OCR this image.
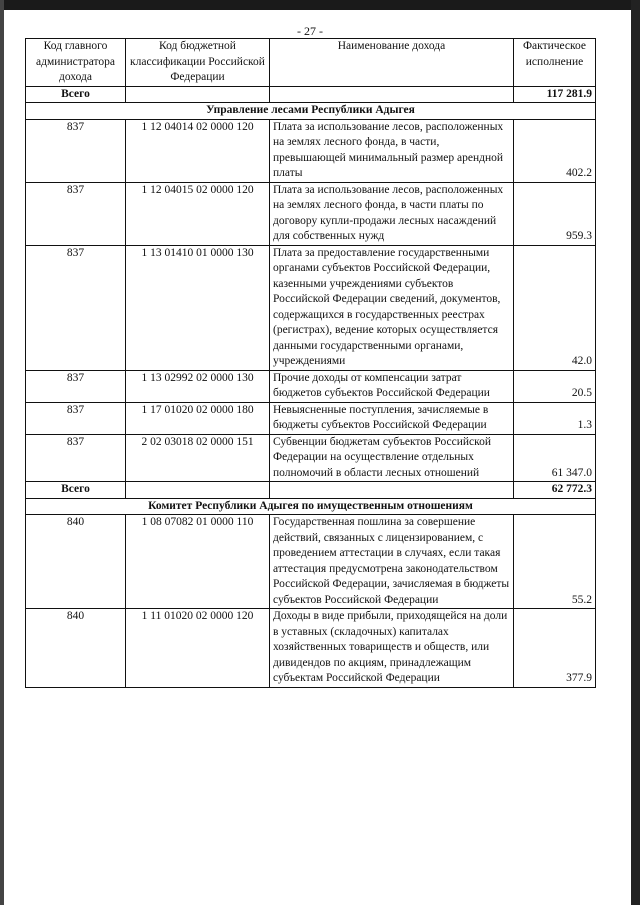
- 27 -
Код главного администратора дохода	Код бюджетной классификации Российской Федерации	Наименование дохода	Фактическое исполнение
Всего			117 281.9
Управление лесами Республики Адыгея			
837	1 12 04014 02 0000 120	Плата за использование лесов, расположенных на землях лесного фонда, в части, превышающей минимальный размер арендной платы	402.2
837	1 12 04015 02 0000 120	Плата за использование лесов, расположенных на землях лесного фонда, в части платы по договору купли-продажи лесных насаждений для собственных нужд	959.3
837	1 13 01410 01 0000 130	Плата за предоставление государственными органами субъектов Российской Федерации, казенными учреждениями субъектов Российской Федерации сведений, документов, содержащихся в государственных реестрах (регистрах), ведение которых осуществляется данными государственными органами, учреждениями	42.0
837	1 13 02992 02 0000 130	Прочие доходы от компенсации затрат бюджетов субъектов Российской Федерации	20.5
837	1 17 01020 02 0000 180	Невыясненные поступления, зачисляемые в бюджеты субъектов Российской Федерации	1.3
837	2 02 03018 02 0000 151	Субвенции бюджетам субъектов Российской Федерации на осуществление отдельных полномочий в области лесных отношений	61 347.0
Всего			62 772.3
Комитет Республики Адыгея по имущественным отношениям			
840	1 08 07082 01 0000 110	Государственная пошлина за совершение действий, связанных с лицензированием, с проведением аттестации в случаях, если такая аттестация предусмотрена законодательством Российской Федерации, зачисляемая в бюджеты субъектов Российской Федерации	55.2
840	1 11 01020 02 0000 120	Доходы в виде прибыли, приходящейся на доли в уставных (складочных) капиталах хозяйственных товариществ и обществ, или дивидендов по акциям, принадлежащим субъектам Российской Федерации	377.9
